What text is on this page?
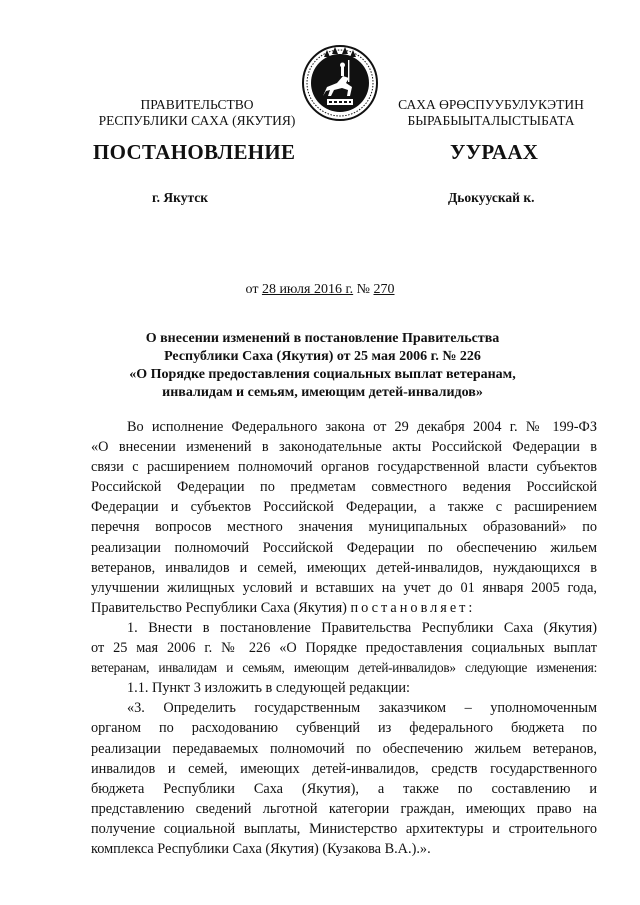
ПРАВИТЕЛЬСТВО
РЕСПУБЛИКИ САХА (ЯКУТИЯ)
САХА ӨРӨСПУУБУЛУКЭТИН
БЫРАБЫЫТАЛЫСТЫБАТА
ПОСТАНОВЛЕНИЕ	УУРААХ
г. Якутск	Дьокуускай к.
от 28 июля 2016 г. № 270
О внесении изменений в постановление Правительства
Республики Саха (Якутия) от 25 мая 2006 г. № 226
«О Порядке предоставления социальных выплат ветеранам,
инвалидам и семьям, имеющим детей-инвалидов»
Во исполнение Федерального закона от 29 декабря 2004 г. № 199-ФЗ
«О внесении изменений в законодательные акты Российской Федерации в
связи с расширением полномочий органов государственной власти субъектов
Российской Федерации по предметам совместного ведения Российской
Федерации и субъектов Российской Федерации, а также с расширением
перечня вопросов местного значения муниципальных образований» по
реализации полномочий Российской Федерации по обеспечению жильем
ветеранов, инвалидов и семей, имеющих детей-инвалидов, нуждающихся в
улучшении жилищных условий и вставших на учет до 01 января 2005 года,
Правительство Республики Саха (Якутия) постановляет:
1. Внести в постановление Правительства Республики Саха (Якутия)
от 25 мая 2006 г. № 226 «О Порядке предоставления социальных выплат
ветеранам, инвалидам и семьям, имеющим детей-инвалидов» следующие изменения:
1.1. Пункт 3 изложить в следующей редакции:
«3. Определить государственным заказчиком – уполномоченным
органом по расходованию субвенций из федерального бюджета по
реализации передаваемых полномочий по обеспечению жильем ветеранов,
инвалидов и семей, имеющих детей-инвалидов, средств государственного
бюджета Республики Саха (Якутия), а также по составлению и
представлению сведений льготной категории граждан, имеющих право на
получение социальной выплаты, Министерство архитектуры и строительного
комплекса Республики Саха (Якутия) (Кузакова В.А.).».
